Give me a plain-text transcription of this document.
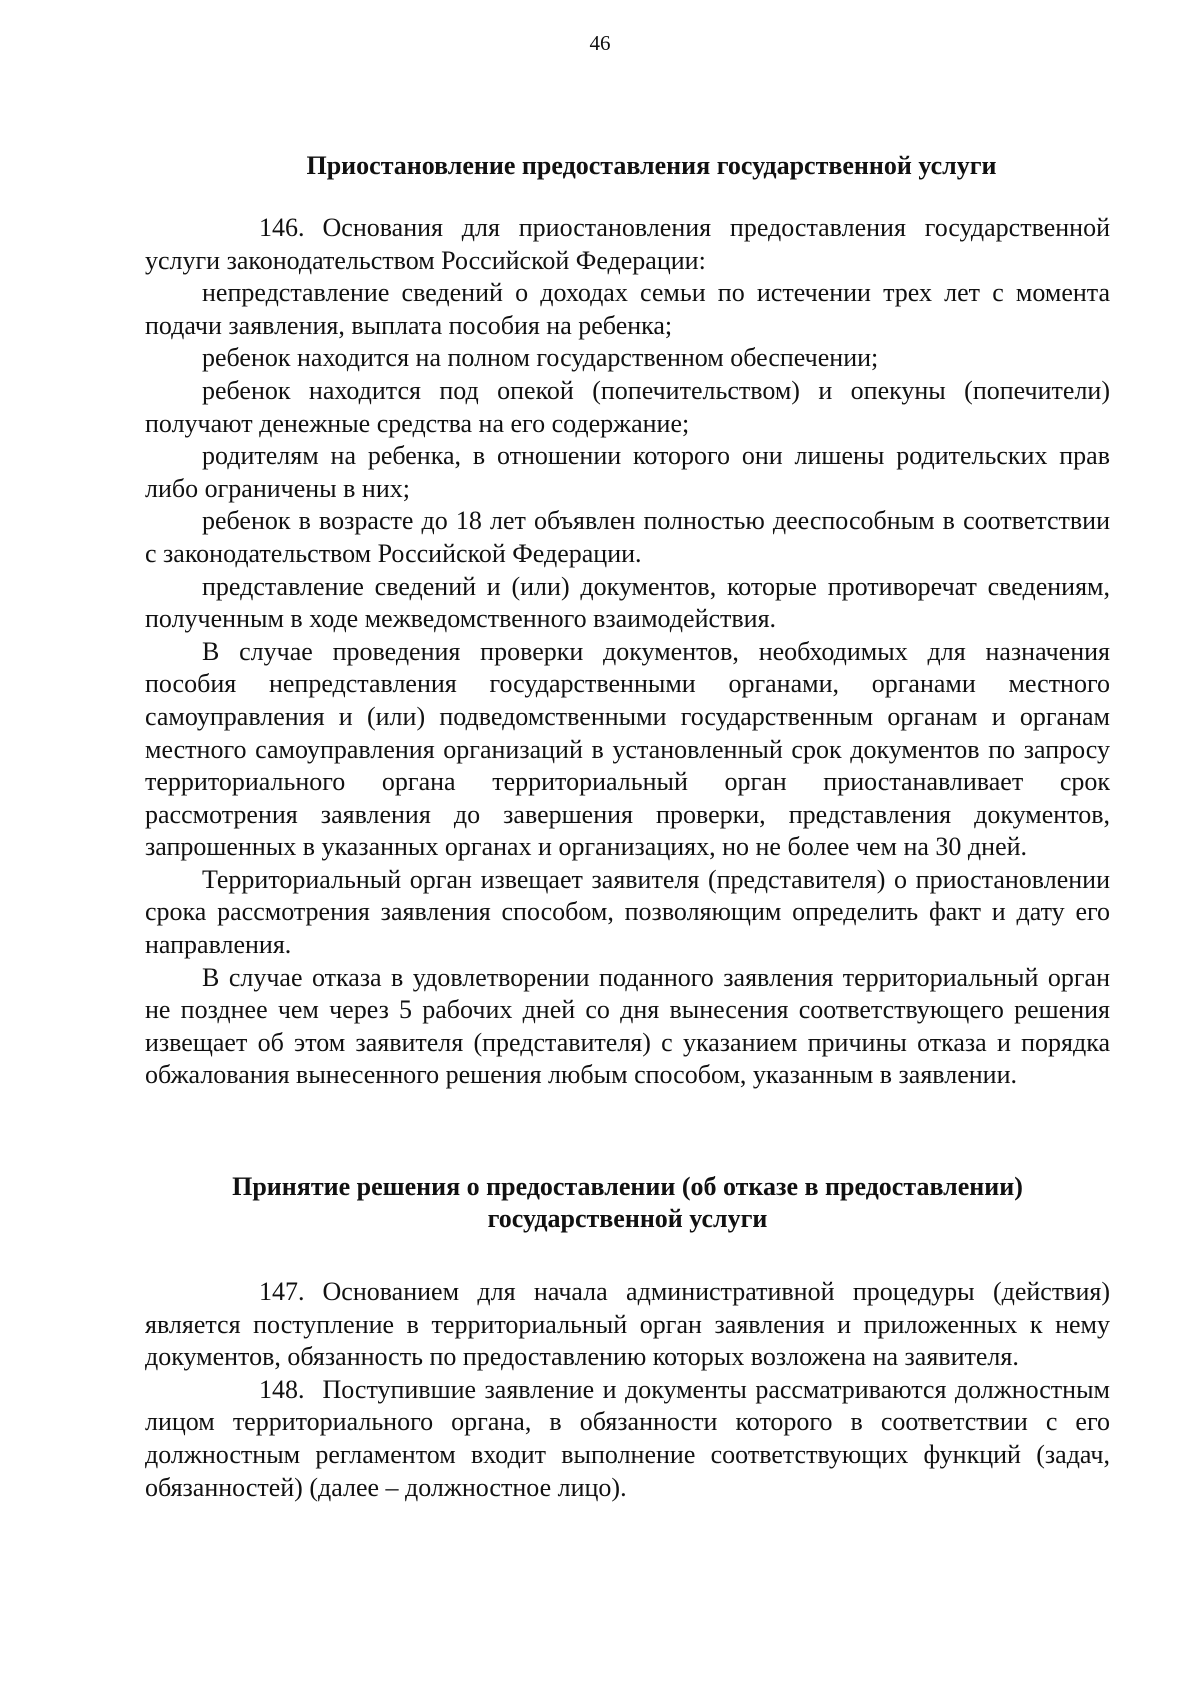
46

Приостановление предоставления государственной услуги

146. Основания для приостановления предоставления государственной услуги законодательством Российской Федерации:

непредставление сведений о доходах семьи по истечении трех лет с момента подачи заявления, выплата пособия на ребенка;

ребенок находится на полном государственном обеспечении;

ребенок находится под опекой (попечительством) и опекуны (попечители) получают денежные средства на его содержание;

родителям на ребенка, в отношении которого они лишены родительских прав либо ограничены в них;

ребенок в возрасте до 18 лет объявлен полностью дееспособным в соответствии с законодательством Российской Федерации.

представление сведений и (или) документов, которые противоречат сведениям, полученным в ходе межведомственного взаимодействия.

В случае проведения проверки документов, необходимых для назначения пособия непредставления государственными органами, органами местного самоуправления и (или) подведомственными государственным органам и органам местного самоуправления организаций в установленный срок документов по запросу территориального органа территориальный орган приостанавливает срок рассмотрения заявления до завершения проверки, представления документов, запрошенных в указанных органах и организациях, но не более чем на 30 дней.

Территориальный орган извещает заявителя (представителя) о приостановлении срока рассмотрения заявления способом, позволяющим определить факт и дату его направления.

В случае отказа в удовлетворении поданного заявления территориальный орган не позднее чем через 5 рабочих дней со дня вынесения соответствующего решения извещает об этом заявителя (представителя) с указанием причины отказа и порядка обжалования вынесенного решения любым способом, указанным в заявлении.

Принятие решения о предоставлении (об отказе в предоставлении)

государственной услуги

147. Основанием для начала административной процедуры (действия) является поступление в территориальный орган заявления и приложенных к нему документов, обязанность по предоставлению которых возложена на заявителя.

148. Поступившие заявление и документы рассматриваются должностным лицом территориального органа, в обязанности которого в соответствии с его должностным регламентом входит выполнение соответствующих функций (задач, обязанностей) (далее – должностное лицо).
